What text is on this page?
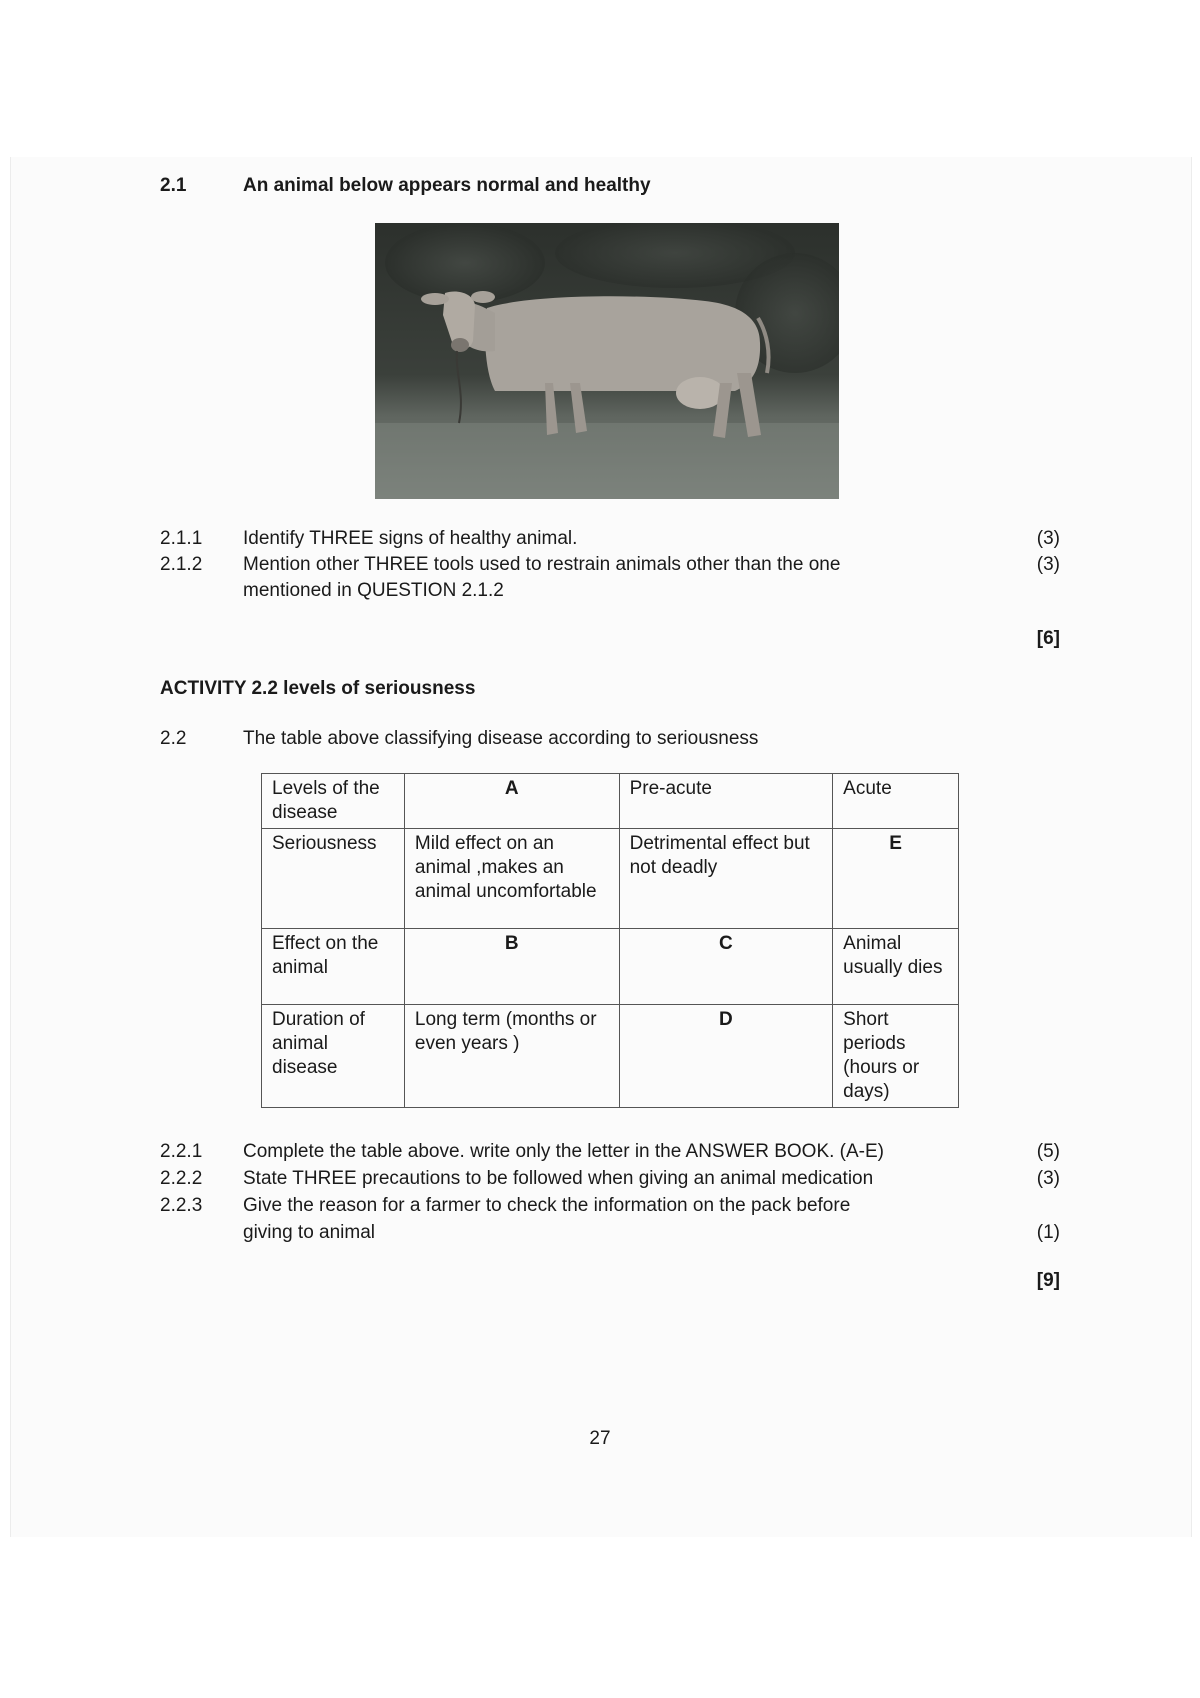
2.1	An animal below appears normal and healthy
2.1.1 Identify THREE signs of healthy animal.	(3)
2.1.2 Mention other THREE tools used to restrain animals other than the one
mentioned in QUESTION 2.1.2
(3)
[6]
ACTIVITY 2.2 levels of seriousness
2.2	The table above classifying disease according to seriousness
Levels of the disease	A	Pre-acute	Acute
Seriousness	Mild effect on an animal ,makes an animal uncomfortable	Detrimental effect but not deadly	E
Effect on the animal	B	C	Animal usually dies
Duration of animal disease	Long term (months or even years )	D	Short periods (hours or days)
2.2.1 Complete the table above. write only the letter in the ANSWER BOOK. (A-E)	(5)
2.2.2 State THREE precautions to be followed when giving an animal medication	(3)
2.2.3 Give the reason for a farmer to check the information on the pack before
giving to animal	(1)
[9]
27
